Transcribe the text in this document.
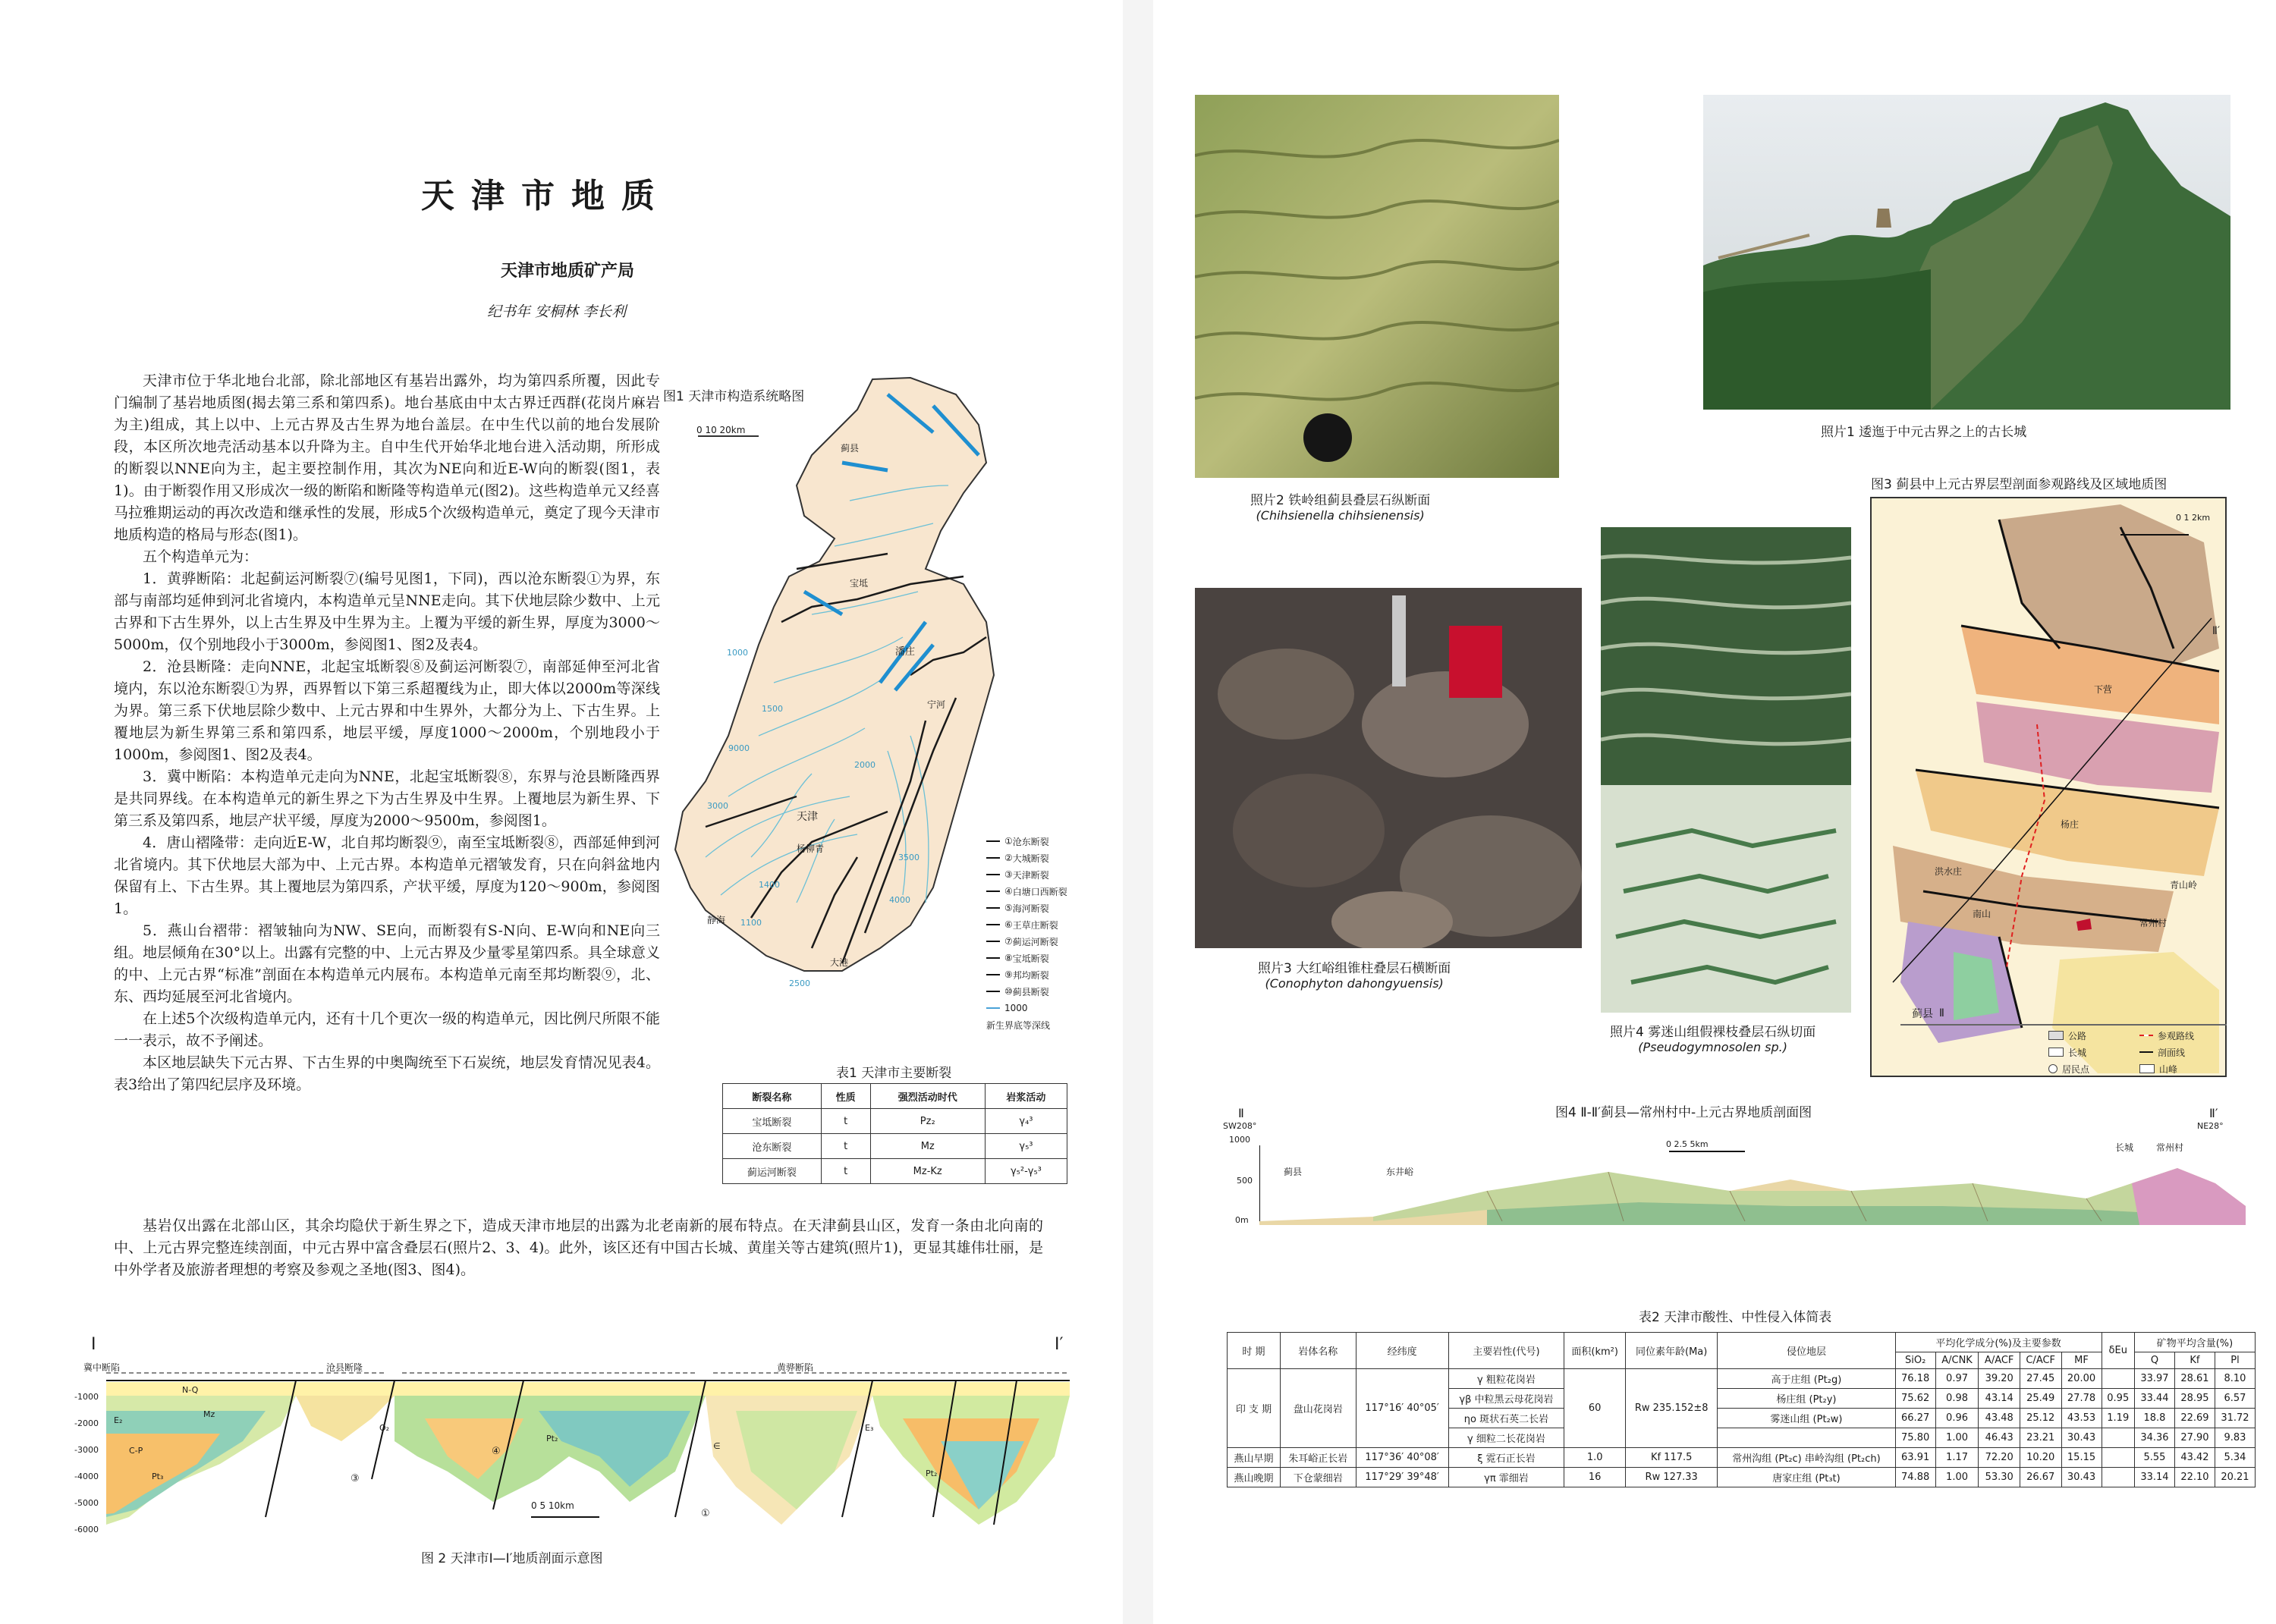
天津市地质
天津市地质矿产局
纪书年 安桐林 李长利

天津市位于华北地台北部，除北部地区有基岩出露外，均为第四系所覆，因此专门编制了基岩地质图(揭去第三系和第四系)。地台基底由中太古界迁西群(花岗片麻岩为主)组成，其上以中、上元古界及古生界为地台盖层。在中生代以前的地台发展阶段，本区所次地壳活动基本以升降为主。自中生代开始华北地台进入活动期，所形成的断裂以NNE向为主，起主要控制作用，其次为NE向和近E-W向的断裂(图1，表1)。由于断裂作用又形成次一级的断陷和断隆等构造单元(图2)。这些构造单元又经喜马拉雅期运动的再次改造和继承性的发展，形成5个次级构造单元，奠定了现今天津市地质构造的格局与形态(图1)。

五个构造单元为：

1．黄骅断陷：北起蓟运河断裂⑦(编号见图1，下同)，西以沧东断裂①为界，东部与南部均延伸到河北省境内，本构造单元呈NNE走向。其下伏地层除少数中、上元古界和下古生界外，以上古生界及中生界为主。上覆为平缓的新生界，厚度为3000～5000m，仅个别地段小于3000m，参阅图1、图2及表4。

2．沧县断隆：走向NNE，北起宝坻断裂⑧及蓟运河断裂⑦，南部延伸至河北省境内，东以沧东断裂①为界，西界暂以下第三系超覆线为止，即大体以2000m等深线为界。第三系下伏地层除少数中、上元古界和中生界外，大都分为上、下古生界。上覆地层为新生界第三系和第四系，地层平缓，厚度1000～2000m，个别地段小于1000m，参阅图1、图2及表4。

3．冀中断陷：本构造单元走向为NNE，北起宝坻断裂⑧，东界与沧县断隆西界是共同界线。在本构造单元的新生界之下为古生界及中生界。上覆地层为新生界、下第三系及第四系，地层产状平缓，厚度为2000～9500m，参阅图1。

4．唐山褶隆带：走向近E-W，北自邦均断裂⑨，南至宝坻断裂⑧，西部延伸到河北省境内。其下伏地层大部为中、上元古界。本构造单元褶皱发育，只在向斜盆地内保留有上、下古生界。其上覆地层为第四系，产状平缓，厚度为120～900m，参阅图1。

5．燕山台褶带：褶皱轴向为NW、SE向，而断裂有S-N向、E-W向和NE向三组。地层倾角在30°以上。出露有完整的中、上元古界及少量零星第四系。具全球意义的中、上元古界“标准”剖面在本构造单元内展布。本构造单元南至邦均断裂⑨，北、东、西均延展至河北省境内。

在上述5个次级构造单元内，还有十几个更次一级的构造单元，因比例尺所限不能一一表示，故不予阐述。

本区地层缺失下元古界、下古生界的中奥陶统至下石炭统，地层发育情况见表4。表3给出了第四纪层序及环境。

基岩仅出露在北部山区，其余均隐伏于新生界之下，造成天津市地层的出露为北老南新的展布特点。在天津蓟县山区，发育一条由北向南的中、上元古界完整连续剖面，中元古界中富含叠层石(照片2、3、4)。此外，该区还有中国古长城、黄崖关等古建筑(照片1)，更显其雄伟壮丽，是中外学者及旅游者理想的考察及参观之圣地(图3、图4)。

图1 天津市构造系统略图
0 10 20km
蓟县
宝坻
潘庄
宁河
天津
杨柳青
静海
大港
1000
1500
2000
3000
4000
2500
3500
1400
1100
9000
① 沧东断裂
② 大城断裂
③ 天津断裂
④ 白塘口西断裂
⑤ 海河断裂
⑥ 王草庄断裂
⑦ 蓟运河断裂
⑧ 宝坻断裂
⑨ 邦均断裂
⑩ 蓟县断裂
1000
新生界底等深线
表1 天津市主要断裂
断裂名称	性质	强烈活动时代	岩浆活动
宝坻断裂	t	Pz₂	γ₄³
沧东断裂	t	Mz	γ₅³
蓟运河断裂	t	Mz-Kz	γ₅²-γ₅³
Ⅰ	Ⅰ′
冀中断陷	沧县断隆	黄骅断陷
-1000
-2000
-3000
-4000
-5000
-6000
N-Q
E₂
Mz
C-P
Pt₃
O₂
Pt₂
∈
E₃
Pt₂
③
④
①
0 5 10km
图 2 天津市Ⅰ—Ⅰ′地质剖面示意图
照片2 铁岭组蓟县叠层石纵断面
(Chihsienella chihsienensis)
照片1 逶迤于中元古界之上的古长城
照片3 大红峪组锥柱叠层石横断面
(Conophyton dahongyuensis)
照片4 雾迷山组假裸枝叠层石纵切面
(Pseudogymnosolen sp.)
图3 蓟县中上元古界层型剖面参观路线及区域地质图
0 1 2km
下营
杨庄
洪水庄
南山
蓟县
常州村
青山岭
Ⅱ
Ⅱ′
公路	参观路线
长城	剖面线
居民点	山峰
图4 Ⅱ-Ⅱ′蓟县—常州村中-上元古界地质剖面图
Ⅱ	Ⅱ′
SW208°	NE28°
1000
500
0m
0 2.5 5km
蓟县	东井峪
长城 常州村
表2 天津市酸性、中性侵入体简表
时 期	岩体名称	经纬度	主要岩性(代号)	面积(km²)	同位素年龄(Ma)	侵位地层	平均化学成分(%)及主要参数					δEu	矿物平均含量(%)		
							SiO₂	A/CNK	A/ACF	C/ACF	MF		Q	Kf	Pl
印 支 期	盘山花岗岩	117°16′ 40°05′	γ 粗粒花岗岩	60	Rw 235.152±8	高于庄组 (Pt₂g)	76.18	0.97	39.20	27.45	20.00		33.97	28.61	8.10
			γβ 中粒黑云母花岗岩			杨庄组 (Pt₂y)	75.62	0.98	43.14	25.49	27.78	0.95	33.44	28.95	6.57
			ηο 斑状石英二长岩			雾迷山组 (Pt₂w)	66.27	0.96	43.48	25.12	43.53	1.19	18.8	22.69	31.72
			γ 细粒二长花岗岩				75.80	1.00	46.43	23.21	30.43		34.36	27.90	9.83
燕山早期	朱耳峪正长岩	117°36′ 40°08′	ξ 霓石正长岩	1.0	Kf 117.5	常州沟组 (Pt₂c) 串岭沟组 (Pt₂ch)	63.91	1.17	72.20	10.20	15.15		5.55	43.42	5.34
燕山晚期	下仓蒙细岩	117°29′ 39°48′	γπ 霏细岩	16	Rw 127.33	唐家庄组 (Pt₃t)	74.88	1.00	53.30	26.67	30.43		33.14	22.10	20.21
